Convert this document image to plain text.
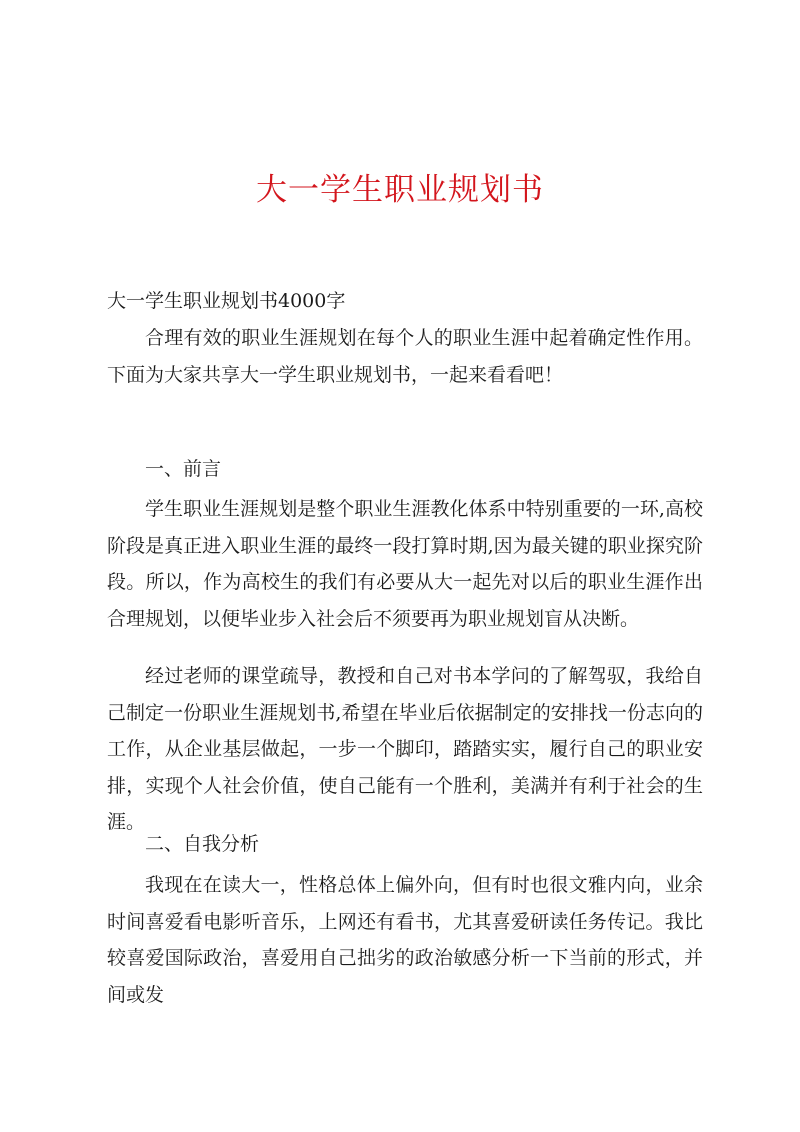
大一学生职业规划书

大一学生职业规划书4000字

合理有效的职业生涯规划在每个人的职业生涯中起着确定性作用。下面为大家共享大一学生职业规划书，一起来看看吧！

一、前言

学生职业生涯规划是整个职业生涯教化体系中特别重要的一环,高校阶段是真正进入职业生涯的最终一段打算时期,因为最关键的职业探究阶段。所以，作为高校生的我们有必要从大一起先对以后的职业生涯作出合理规划，以便毕业步入社会后不须要再为职业规划盲从决断。

经过老师的课堂疏导，教授和自己对书本学问的了解驾驭，我给自己制定一份职业生涯规划书,希望在毕业后依据制定的安排找一份志向的工作，从企业基层做起，一步一个脚印，踏踏实实，履行自己的职业安排，实现个人社会价值，使自己能有一个胜利，美满并有利于社会的生涯。

二、自我分析

我现在在读大一，性格总体上偏外向，但有时也很文雅内向，业余时间喜爱看电影听音乐，上网还有看书，尤其喜爱研读任务传记。我比较喜爱国际政治，喜爱用自己拙劣的政治敏感分析一下当前的形式，并间或发
